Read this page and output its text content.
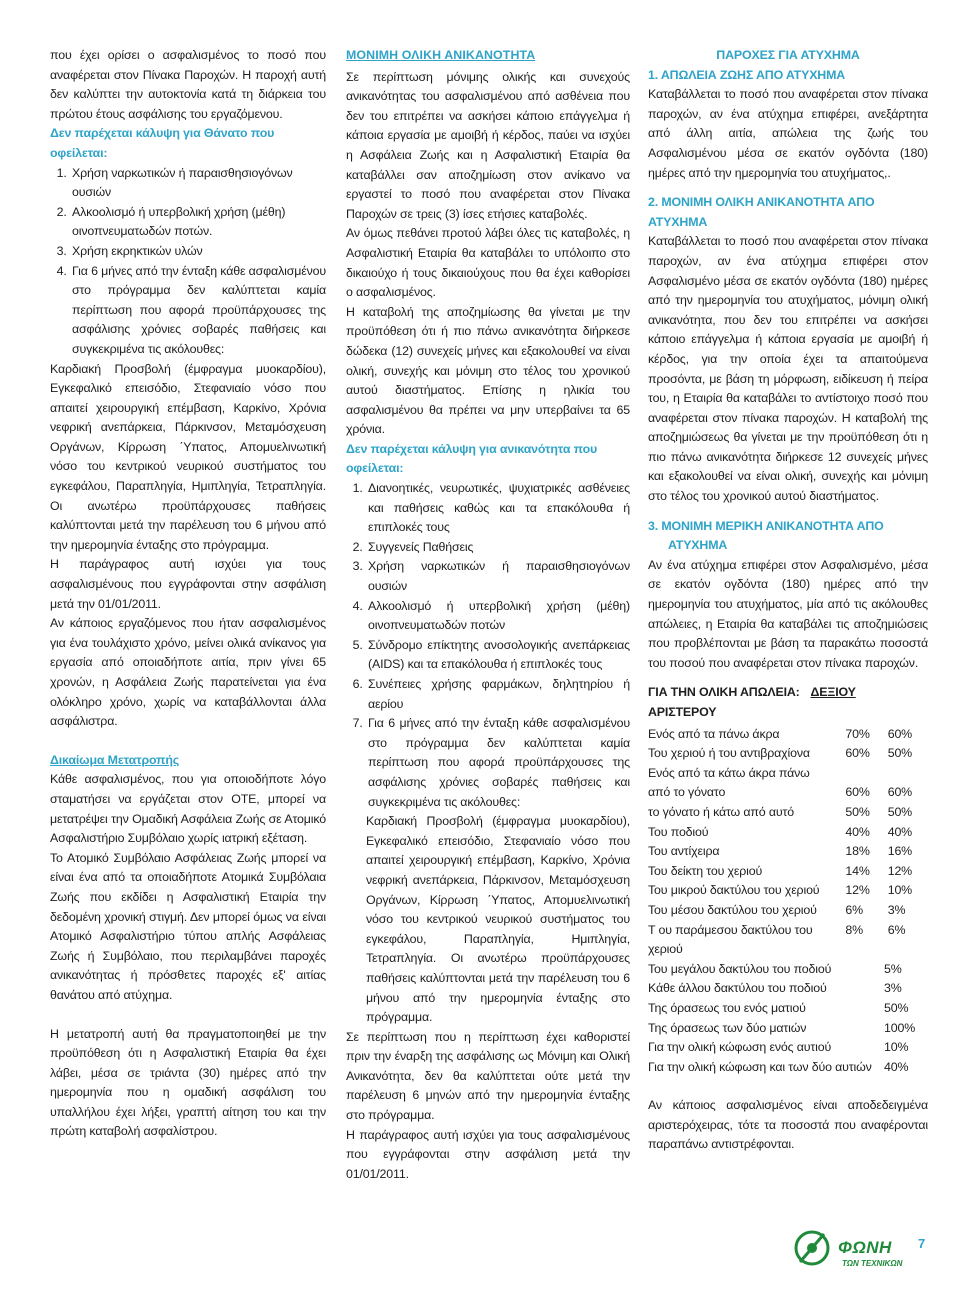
που έχει ορίσει ο ασφαλισμένος το ποσό που αναφέρεται στον Πίνακα Παροχών. Η παροχή αυτή δεν καλύπτει την αυτοκτονία κατά τη διάρκεια του πρώτου έτους ασφάλισης του εργαζόμενου.

Δεν παρέχεται κάλυψη για Θάνατο που οφείλεται:

1. Χρήση ναρκωτικών ή παραισθησιογόνων ουσιών
2. Αλκοολισμό ή υπερβολική χρήση (μέθη) οινοπνευματωδών ποτών.
3. Χρήση εκρηκτικών υλών
4. Για 6 μήνες από την ένταξη κάθε ασφαλισμένου στο πρόγραμμα δεν καλύπτεται καμία περίπτωση που αφορά προϋπάρχουσες της ασφάλισης χρόνιες σοβαρές παθήσεις και συγκεκριμένα τις ακόλουθες:

Καρδιακή Προσβολή (έμφραγμα μυοκαρδίου), Εγκεφαλικό επεισόδιο, Στεφανιαίο νόσο που απαιτεί χειρουργική επέμβαση, Καρκίνο, Χρόνια νεφρική ανεπάρκεια, Πάρκινσον, Μεταμόσχευση Οργάνων, Κίρρωση ΄Υπατος, Απομυελινωτική νόσο του κεντρικού νευρικού συστήματος του εγκεφάλου, Παραπληγία, Ημιπληγία, Τετραπληγία. Οι ανωτέρω προϋπάρχουσες παθήσεις καλύπτονται μετά την παρέλευση του 6 μήνου από την ημερομηνία ένταξης στο πρόγραμμα.

Η παράγραφος αυτή ισχύει για τους ασφαλισμένους που εγγράφονται στην ασφάλιση μετά την 01/01/2011.

Αν κάποιος εργαζόμενος που ήταν ασφαλισμένος για ένα τουλάχιστο χρόνο, μείνει ολικά ανίκανος για εργασία από οποιαδήποτε αιτία, πριν γίνει 65 χρονών, η Ασφάλεια Ζωής παρατείνεται για ένα ολόκληρο χρόνο, χωρίς να καταβάλλονται άλλα ασφάλιστρα.

Δικαίωμα Μετατροπής

Κάθε ασφαλισμένος, που για οποιοδήποτε λόγο σταματήσει να εργάζεται στον ΟΤΕ, μπορεί να μετατρέψει την Ομαδική Ασφάλεια Ζωής σε Ατομικό Ασφαλιστήριο Συμβόλαιο χωρίς ιατρική εξέταση.

Το Ατομικό Συμβόλαιο Ασφάλειας Ζωής μπορεί να είναι ένα από τα οποιαδήποτε Ατομικά Συμβόλαια Ζωής που εκδίδει η Ασφαλιστική Εταιρία την δεδομένη χρονική στιγμή. Δεν μπορεί όμως να είναι Ατομικό Ασφαλιστήριο τύπου απλής Ασφάλειας Ζωής ή Συμβόλαιο, που περιλαμβάνει παροχές ανικανότητας ή πρόσθετες παροχές εξ' αιτίας θανάτου από ατύχημα.

Η μετατροπή αυτή θα πραγματοποιηθεί με την προϋπόθεση ότι η Ασφαλιστική Εταιρία θα έχει λάβει, μέσα σε τριάντα (30) ημέρες από την ημερομηνία που η ομαδική ασφάλιση του υπαλλήλου έχει λήξει, γραπτή αίτηση του και την πρώτη καταβολή ασφαλίστρου.

ΜΟΝΙΜΗ ΟΛΙΚΗ ΑΝΙΚΑΝΟΤΗΤΑ

Σε περίπτωση μόνιμης ολικής και συνεχούς ανικανότητας του ασφαλισμένου από ασθένεια που δεν του επιτρέπει να ασκήσει κάποιο επάγγελμα ή κάποια εργασία με αμοιβή ή κέρδος, παύει να ισχύει η Ασφάλεια Ζωής και η Ασφαλιστική Εταιρία θα καταβάλλει σαν αποζημίωση στον ανίκανο να εργαστεί το ποσό που αναφέρεται στον Πίνακα Παροχών σε τρεις (3) ίσες ετήσιες καταβολές.

Αν όμως πεθάνει προτού λάβει όλες τις καταβολές, η Ασφαλιστική Εταιρία θα καταβάλει το υπόλοιπο στο δικαιούχο ή τους δικαιούχους που θα έχει καθορίσει ο ασφαλισμένος.

Η καταβολή της αποζημίωσης θα γίνεται με την προϋπόθεση ότι ή πιο πάνω ανικανότητα διήρκεσε δώδεκα (12) συνεχείς μήνες και εξακολουθεί να είναι ολική, συνεχής και μόνιμη στο τέλος του χρονικού αυτού διαστήματος. Επίσης η ηλικία του ασφαλισμένου θα πρέπει να μην υπερβαίνει τα 65 χρόνια.

Δεν παρέχεται κάλυψη για ανικανότητα που οφείλεται:

1. Διανοητικές, νευρωτικές, ψυχιατρικές ασθένειες και παθήσεις καθώς και τα επακόλουθα ή επιπλοκές τους
2. Συγγενείς Παθήσεις
3. Χρήση ναρκωτικών ή παραισθησιογόνων ουσιών
4. Αλκοολισμό ή υπερβολική χρήση (μέθη) οινοπνευματωδών ποτών
5. Σύνδρομο επίκτητης ανοσολογικής ανεπάρκειας (AIDS) και τα επακόλουθα ή επιπλοκές τους
6. Συνέπειες χρήσης φαρμάκων, δηλητηρίου ή αερίου
7. Για 6 μήνες από την ένταξη κάθε ασφαλισμένου στο πρόγραμμα δεν καλύπτεται καμία περίπτωση που αφορά προϋπάρχουσες της ασφάλισης χρόνιες σοβαρές παθήσεις και συγκεκριμένα τις ακόλουθες:

Καρδιακή Προσβολή (έμφραγμα μυοκαρδίου), Εγκεφαλικό επεισόδιο, Στεφανιαίο νόσο που απαιτεί χειρουργική επέμβαση, Καρκίνο, Χρόνια νεφρική ανεπάρκεια, Πάρκινσον, Μεταμόσχευση Οργάνων, Κίρρωση ΄Υπατος, Απομυελινωτική νόσο του κεντρικού νευρικού συστήματος του εγκεφάλου, Παραπληγία, Ημιπληγία, Τετραπληγία. Οι ανωτέρω προϋπάρχουσες παθήσεις καλύπτονται μετά την παρέλευση του 6 μήνου από την ημερομηνία ένταξης στο πρόγραμμα.

Σε περίπτωση που η περίπτωση έχει καθοριστεί πριν την έναρξη της ασφάλισης ως Μόνιμη και Ολική Ανικανότητα, δεν θα καλύπτεται ούτε μετά την παρέλευση 6 μηνών από την ημερομηνία ένταξης στο πρόγραμμα.

Η παράγραφος αυτή ισχύει για τους ασφαλισμένους που εγγράφονται στην ασφάλιση μετά την 01/01/2011.

ΠΑΡΟΧΕΣ ΓΙΑ ΑΤΥΧΗΜΑ

1. ΑΠΩΛΕΙΑ ΖΩΗΣ ΑΠΟ ΑΤΥΧΗΜΑ

Καταβάλλεται το ποσό που αναφέρεται στον πίνακα παροχών, αν ένα ατύχημα επιφέρει, ανεξάρτητα από άλλη αιτία, απώλεια της ζωής του Ασφαλισμένου μέσα σε εκατόν ογδόντα (180) ημέρες από την ημερομηνία του ατυχήματος,.

2. ΜΟΝΙΜΗ ΟΛΙΚΗ ΑΝΙΚΑΝΟΤΗΤΑ ΑΠΟ ΑΤΥΧΗΜΑ

Καταβάλλεται το ποσό που αναφέρεται στον πίνακα παροχών, αν ένα ατύχημα επιφέρει στον Ασφαλισμένο μέσα σε εκατόν ογδόντα (180) ημέρες από την ημερομηνία του ατυχήματος, μόνιμη ολική ανικανότητα, που δεν του επιτρέπει να ασκήσει κάποιο επάγγελμα ή κάποια εργασία με αμοιβή ή κέρδος, για την οποία έχει τα απαιτούμενα προσόντα, με βάση τη μόρφωση, ειδίκευση ή πείρα του, η Εταιρία θα καταβάλει το αντίστοιχο ποσό που αναφέρεται στον πίνακα παροχών. Η καταβολή της αποζημιώσεως θα γίνεται με την προϋπόθεση ότι η πιο πάνω ανικανότητα διήρκεσε 12 συνεχείς μήνες και εξακολουθεί να είναι ολική, συνεχής και μόνιμη στο τέλος του χρονικού αυτού διαστήματος.

3. ΜΟΝΙΜΗ ΜΕΡΙΚΗ ΑΝΙΚΑΝΟΤΗΤΑ ΑΠΟ

ΑΤΥΧΗΜΑ

Αν ένα ατύχημα επιφέρει στον Ασφαλισμένο, μέσα σε εκατόν ογδόντα (180) ημέρες από την ημερομηνία του ατυχήματος, μία από τις ακόλουθες απώλειες, η Εταιρία θα καταβάλει τις αποζημιώσεις που προβλέπονται με βάση τα παρακάτω ποσοστά του ποσού που αναφέρεται στον πίνακα παροχών.

ΓΙΑ ΤΗΝ ΟΛΙΚΗ ΑΠΩΛΕΙΑ: ΔΕΞΙΟΥ ΑΡΙΣΤΕΡΟΥ

Ενός από τα πάνω άκρα	70%	60%
Του χεριού ή του αντιβραχίονα	60%	50%
Ενός από τα κάτω άκρα πάνω		
από το γόνατο	60%	60%
το γόνατο ή κάτω από αυτό	50%	50%
Του ποδιού	40%	40%
Του αντίχειρα	18%	16%
Του δείκτη του χεριού	14%	12%
Του μικρού δακτύλου του χεριού	12%	10%
Του μέσου δακτύλου του χεριού	6%	3%
Τ ου παράμεσου δακτύλου του χεριού	8%	6%
Του μεγάλου δακτύλου του ποδιού	5%
Κάθε άλλου δακτύλου του ποδιού	3%
Της όρασεως του ενός ματιού	50%
Της όρασεως των δύο ματιών	100%
Για την ολική κώφωση ενός αυτιού	10%
Για την ολική κώφωση και των δύο αυτιών	40%

Αν κάποιος ασφαλισμένος είναι αποδεδειγμένα αριστερόχειρας, τότε τα ποσοστά που αναφέρονται παραπάνω αντιστρέφονται.

ΦΩΝΗ
ΤΩΝ ΤΕΧΝΙΚΩΝ
7
